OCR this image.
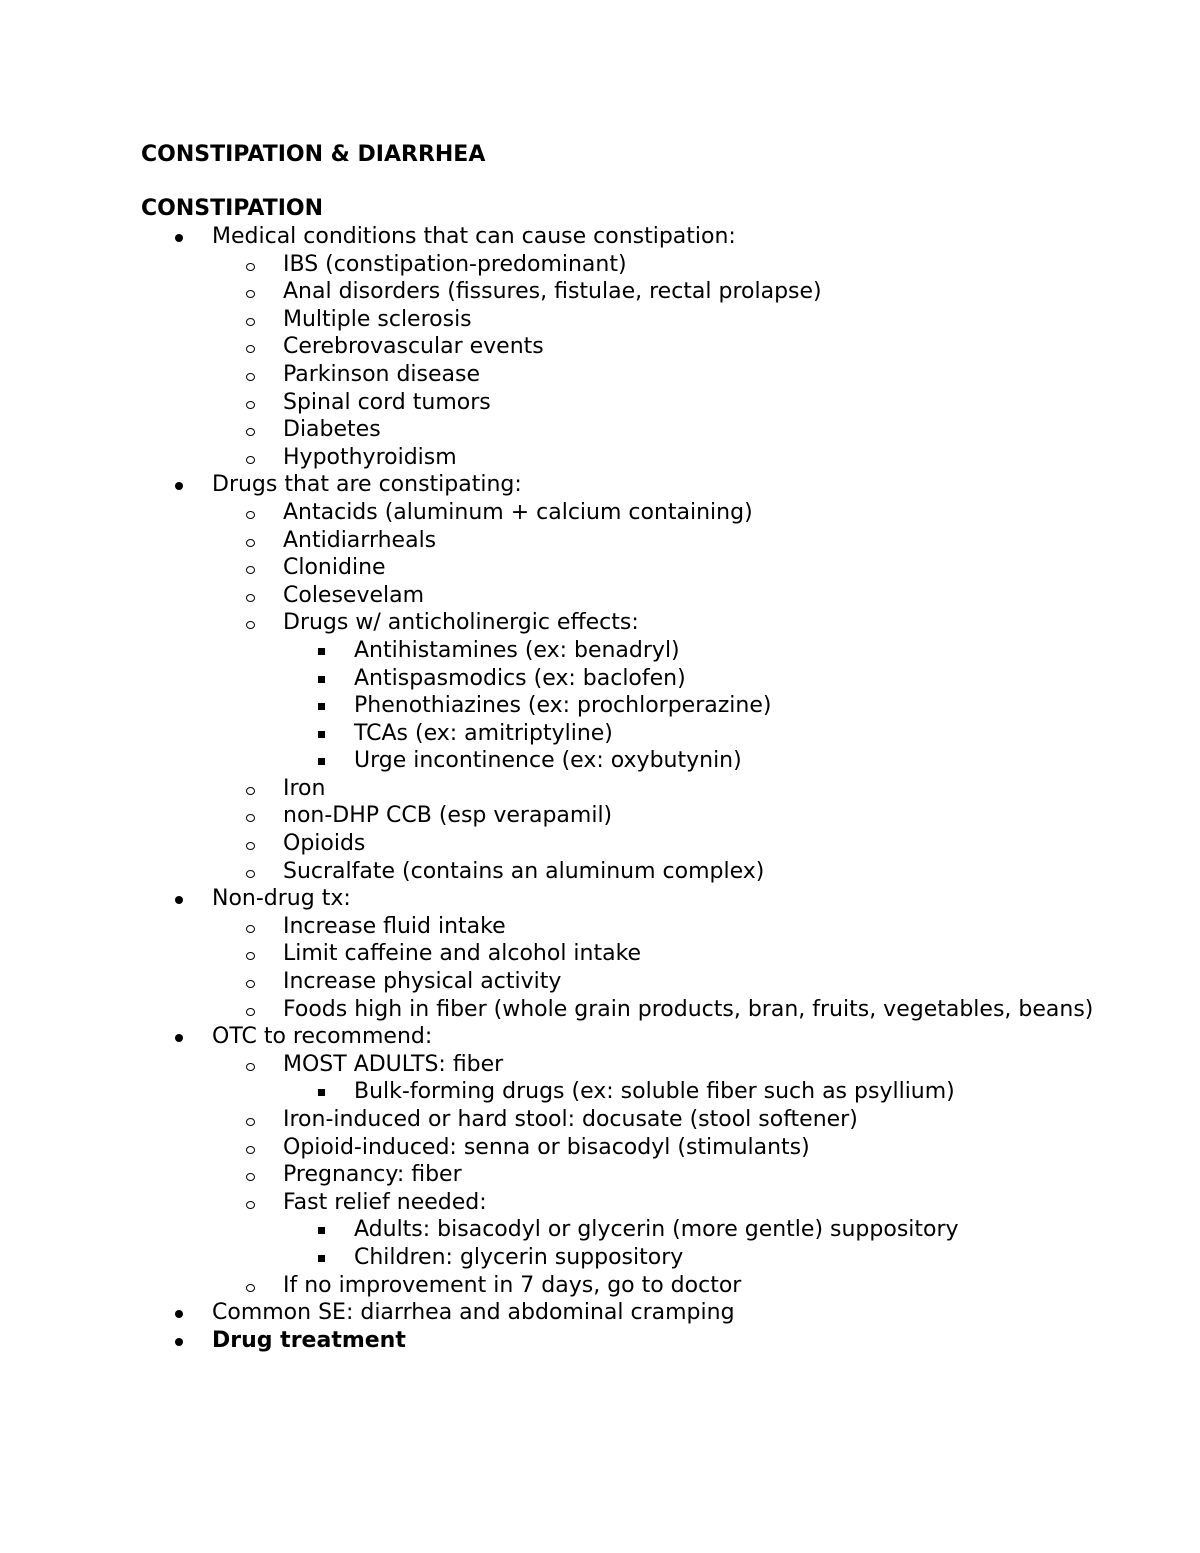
CONSTIPATION & DIARRHEA
CONSTIPATION
Medical conditions that can cause constipation:
IBS (constipation-predominant)
Anal disorders (fissures, fistulae, rectal prolapse)
Multiple sclerosis
Cerebrovascular events
Parkinson disease
Spinal cord tumors
Diabetes
Hypothyroidism
Drugs that are constipating:
Antacids (aluminum + calcium containing)
Antidiarrheals
Clonidine
Colesevelam
Drugs w/ anticholinergic effects:
Antihistamines (ex: benadryl)
Antispasmodics (ex: baclofen)
Phenothiazines (ex: prochlorperazine)
TCAs (ex: amitriptyline)
Urge incontinence (ex: oxybutynin)
Iron
non-DHP CCB (esp verapamil)
Opioids
Sucralfate (contains an aluminum complex)
Non-drug tx:
Increase fluid intake
Limit caffeine and alcohol intake
Increase physical activity
Foods high in fiber (whole grain products, bran, fruits, vegetables, beans)
OTC to recommend:
MOST ADULTS: fiber
Bulk-forming drugs (ex: soluble fiber such as psyllium)
Iron-induced or hard stool: docusate (stool softener)
Opioid-induced: senna or bisacodyl (stimulants)
Pregnancy: fiber
Fast relief needed:
Adults: bisacodyl or glycerin (more gentle) suppository
Children: glycerin suppository
If no improvement in 7 days, go to doctor
Common SE: diarrhea and abdominal cramping
Drug treatment
